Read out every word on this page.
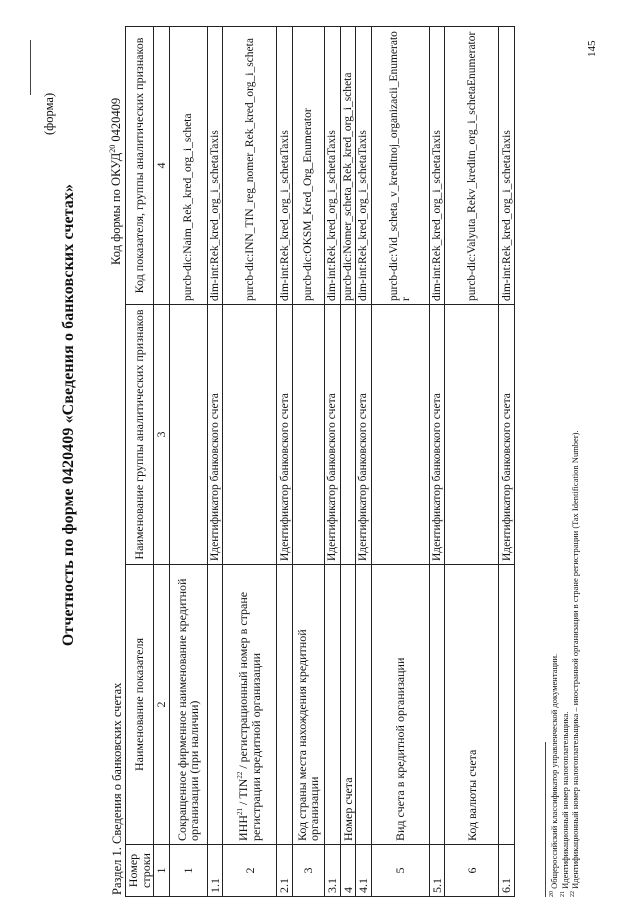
(форма)
Отчетность по форме 0420409 «Сведения о банковских счетах»	Код формы по ОКУД$^{20}$ 0420409
Раздел 1. Сведения о банковских счетах Номер строки	Наименование показателя	Наименование группы аналитических признаков	Код показателя, группы аналитических признаков
1	2	3	4
1	Сокращенное фирменное наименование кредитной организации (при наличии)		purcb-dic:Naim_Rek_kred_org_i_scheta
1.1		Идентификатор банковского счета	dim-int:Rek_kred_org_i_schetaTaxis
2	ИНН$^{21}$ / TIN$^{22}$ / регистрационный номер в стране регистрации кредитной организации		purcb-dic:INN_TIN_reg_nomer_Rek_kred_org_i_scheta
2.1		Идентификатор банковского счета	dim-int:Rek_kred_org_i_schetaTaxis
3	Код страны места нахождения кредитной организации		purcb-dic:OKSM_Kred_Org_Enumerator
3.1		Идентификатор банковского счета	dim-int:Rek_kred_org_i_schetaTaxis
4	Номер счета		purcb-dic:Nomer_scheta_Rek_kred_org_i_scheta
4.1		Идентификатор банковского счета	dim-int:Rek_kred_org_i_schetaTaxis
5	Вид счета в кредитной организации		purcb-dic:Vid_scheta_v_kreditnoj_organizacii_Enumerator
5.1		Идентификатор банковского счета	dim-int:Rek_kred_org_i_schetaTaxis
6	Код валюты счета		purcb-dic:Valyuta_Rekv_kreditn_org_i_schetaEnumerator
6.1		Идентификатор банковского счета	dim-int:Rek_kred_org_i_schetaTaxis
$^{20}$ Общероссийский классификатор управленческой документации.
$^{21}$ Идентификационный номер налогоплательщика.
$^{22}$ Идентификационный номер налогоплательщика – иностранной организации в стране регистрации (Tax Identification Number).
145
